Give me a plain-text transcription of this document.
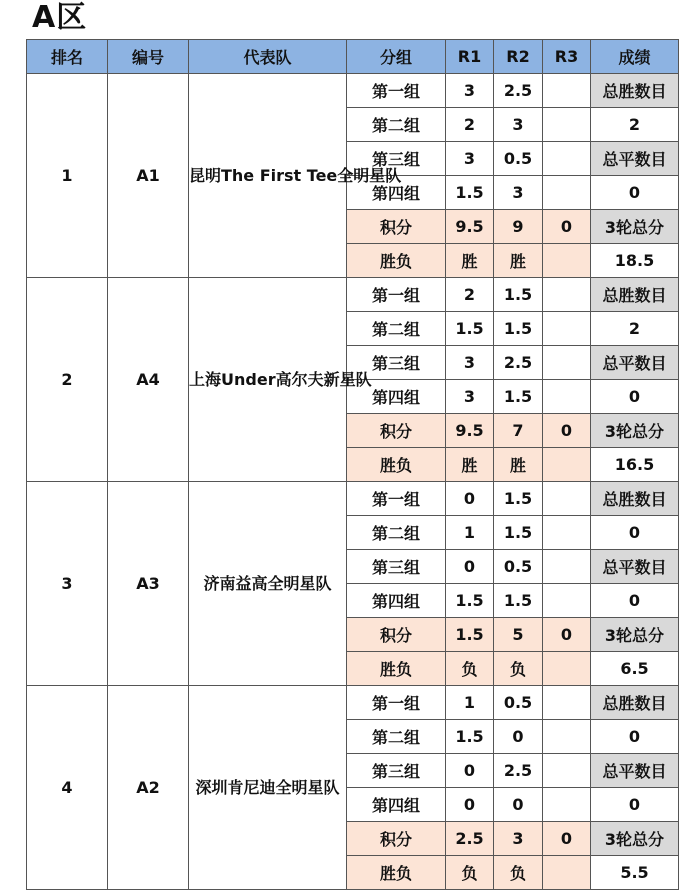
A区
排名	编号	代表队	分组	R1	R2	R3	成绩
1	A1	昆明The First Tee全明星队	第一组	3	2.5		总胜数目
			第二组	2	3		2
			第三组	3	0.5		总平数目
			第四组	1.5	3		0
			积分	9.5	9	0	3轮总分
			胜负	胜	胜		18.5
2	A4	上海Under高尔夫新星队	第一组	2	1.5		总胜数目
			第二组	1.5	1.5		2
			第三组	3	2.5		总平数目
			第四组	3	1.5		0
			积分	9.5	7	0	3轮总分
			胜负	胜	胜		16.5
3	A3	济南益高全明星队	第一组	0	1.5		总胜数目
			第二组	1	1.5		0
			第三组	0	0.5		总平数目
			第四组	1.5	1.5		0
			积分	1.5	5	0	3轮总分
			胜负	负	负		6.5
4	A2	深圳肯尼迪全明星队	第一组	1	0.5		总胜数目
			第二组	1.5	0		0
			第三组	0	2.5		总平数目
			第四组	0	0		0
			积分	2.5	3	0	3轮总分
			胜负	负	负		5.5
